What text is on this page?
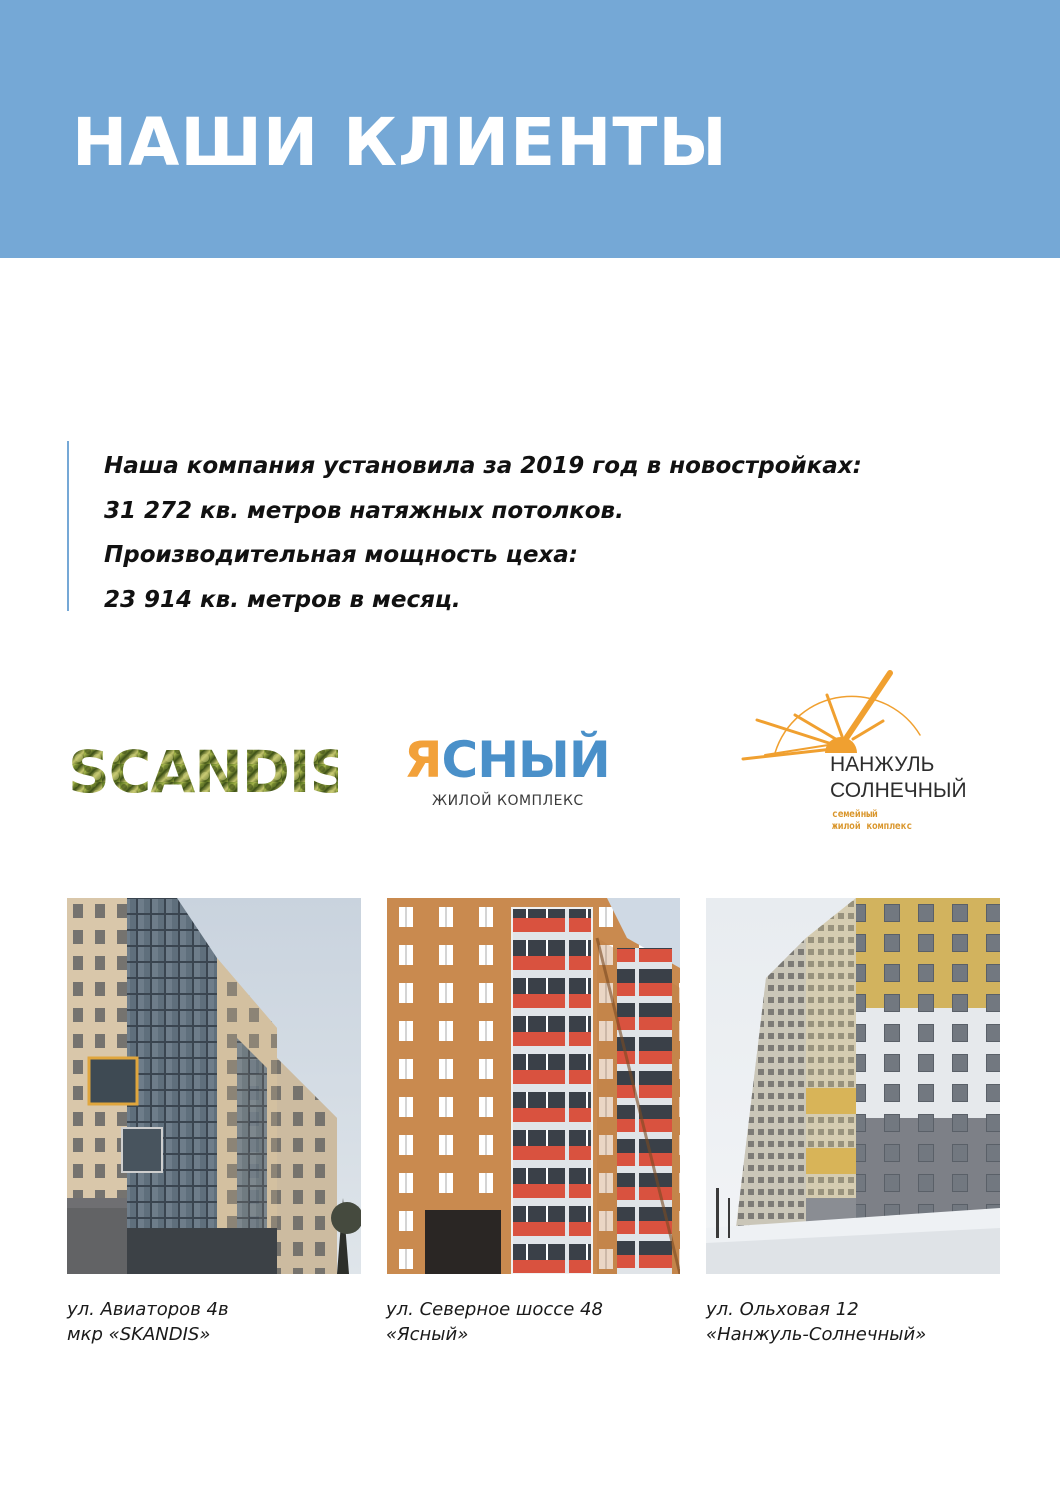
НАШИ КЛИЕНТЫ
Наша компания установила за 2019 год в новостройках:
31 272 кв. метров натяжных потолков.
Производительная мощность цеха:
23 914 кв. метров в месяц.
SCANDIS ЯСНЫЙ
ЖИЛОЙ КОМПЛЕКС
НАНЖУЛЬ
СОЛНЕЧНЫЙ
семейный
жилой комплекс
ул. Авиаторов 4в
мкр «SKANDIS»
ул. Северное шоссе 48
«Ясный»
ул. Ольховая 12
«Нанжуль-Солнечный»
